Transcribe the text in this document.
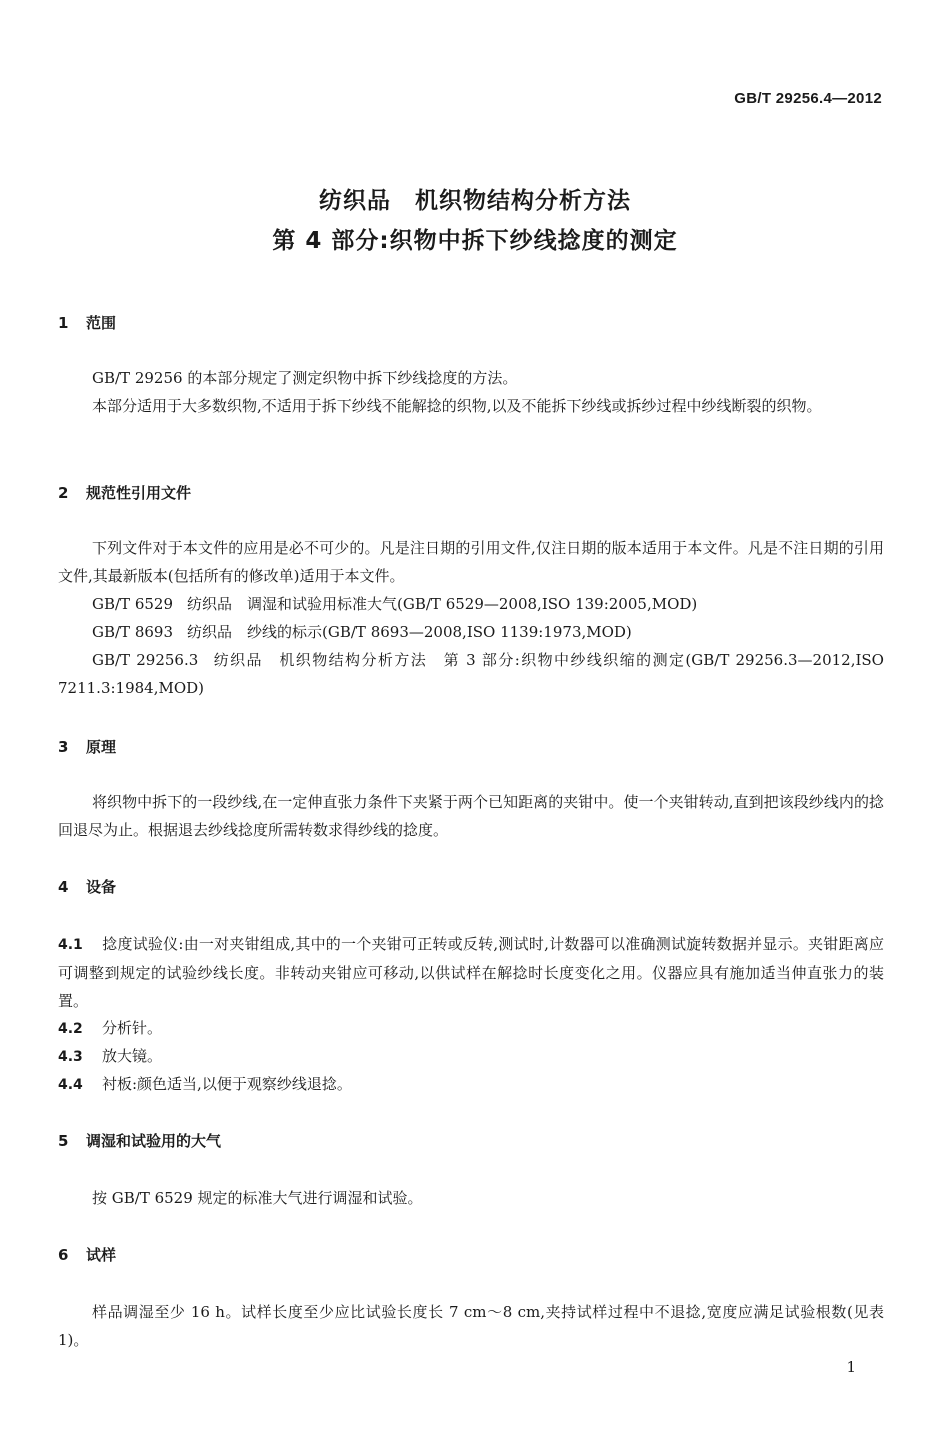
GB/T 29256.4—2012
纺织品　机织物结构分析方法
第 4 部分:织物中拆下纱线捻度的测定
1 范围
GB/T 29256 的本部分规定了测定织物中拆下纱线捻度的方法。
本部分适用于大多数织物,不适用于拆下纱线不能解捻的织物,以及不能拆下纱线或拆纱过程中纱线断裂的织物。
2 规范性引用文件
下列文件对于本文件的应用是必不可少的。凡是注日期的引用文件,仅注日期的版本适用于本文件。凡是不注日期的引用文件,其最新版本(包括所有的修改单)适用于本文件。
GB/T 6529 纺织品　调湿和试验用标准大气(GB/T 6529—2008,ISO 139:2005,MOD)
GB/T 8693 纺织品　纱线的标示(GB/T 8693—2008,ISO 1139:1973,MOD)
GB/T 29256.3 纺织品　机织物结构分析方法　第 3 部分:织物中纱线织缩的测定(GB/T 29256.3—2012,ISO 7211.3:1984,MOD)
3 原理
将织物中拆下的一段纱线,在一定伸直张力条件下夹紧于两个已知距离的夹钳中。使一个夹钳转动,直到把该段纱线内的捻回退尽为止。根据退去纱线捻度所需转数求得纱线的捻度。
4 设备
4.1 捻度试验仪:由一对夹钳组成,其中的一个夹钳可正转或反转,测试时,计数器可以准确测试旋转数据并显示。夹钳距离应可调整到规定的试验纱线长度。非转动夹钳应可移动,以供试样在解捻时长度变化之用。仪器应具有施加适当伸直张力的装置。
4.2 分析针。
4.3 放大镜。
4.4 衬板:颜色适当,以便于观察纱线退捻。
5 调湿和试验用的大气
按 GB/T 6529 规定的标准大气进行调湿和试验。
6 试样
样品调湿至少 16 h。试样长度至少应比试验长度长 7 cm～8 cm,夹持试样过程中不退捻,宽度应满足试验根数(见表 1)。
1
